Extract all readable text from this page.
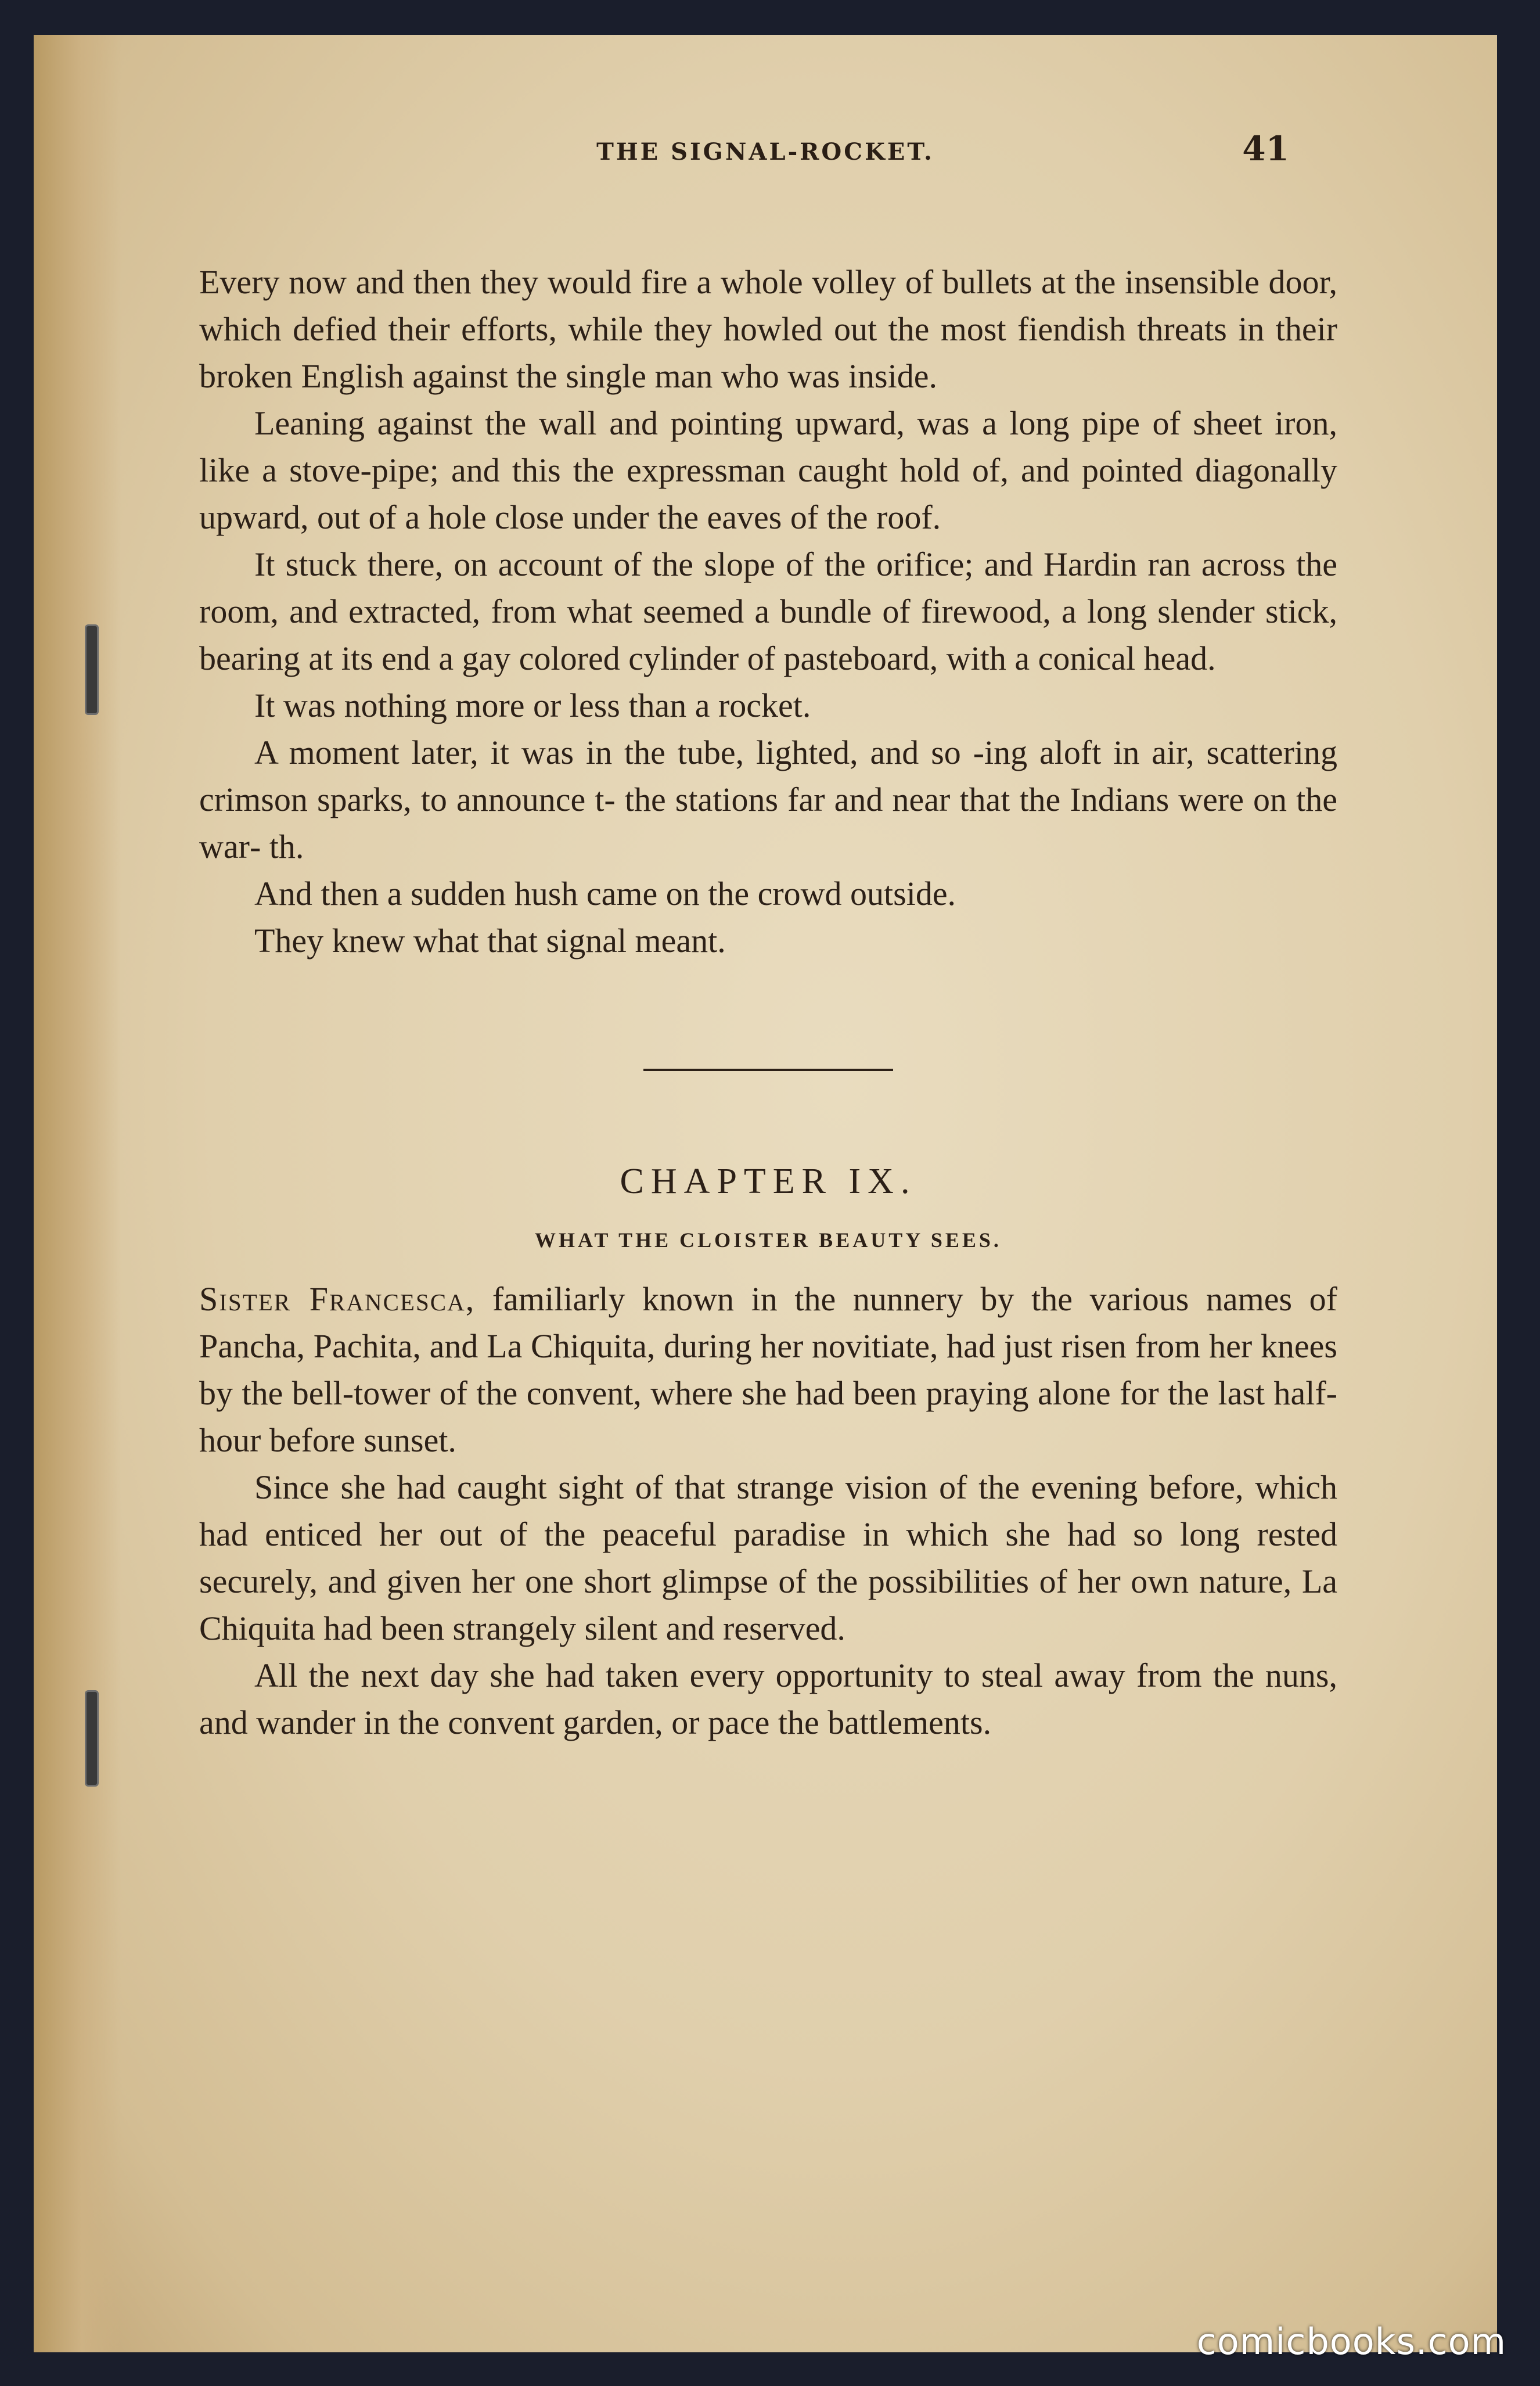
THE SIGNAL-ROCKET.	41

Every now and then they would fire a whole volley of bullets at the insensible door, which defied their efforts, while they howled out the most fiendish threats in their broken English against the single man who was inside.

Leaning against the wall and pointing upward, was a long pipe of sheet iron, like a stove-pipe; and this the expressman caught hold of, and pointed diagonally upward, out of a hole close under the eaves of the roof.

It stuck there, on account of the slope of the orifice; and Hardin ran across the room, and extracted, from what seemed a bundle of firewood, a long slender stick, bearing at its end a gay colored cylinder of pasteboard, with a conical head.

It was nothing more or less than a rocket.

A moment later, it was in the tube, lighted, and so ‑ing aloft in air, scattering crimson sparks, to announce t‑ the stations far and near that the Indians were on the war‑ th.

And then a sudden hush came on the crowd outside.

They knew what that signal meant.

CHAPTER IX.
WHAT THE CLOISTER BEAUTY SEES.

Sister Francesca, familiarly known in the nunnery by the various names of Pancha, Pachita, and La Chiquita, during her novitiate, had just risen from her knees by the bell-tower of the convent, where she had been praying alone for the last half-hour before sunset.

Since she had caught sight of that strange vision of the evening before, which had enticed her out of the peaceful paradise in which she had so long rested securely, and given her one short glimpse of the possibilities of her own nature, La Chiquita had been strangely silent and reserved.

All the next day she had taken every opportunity to steal away from the nuns, and wander in the convent garden, or pace the battlements.

comicbooks.com
